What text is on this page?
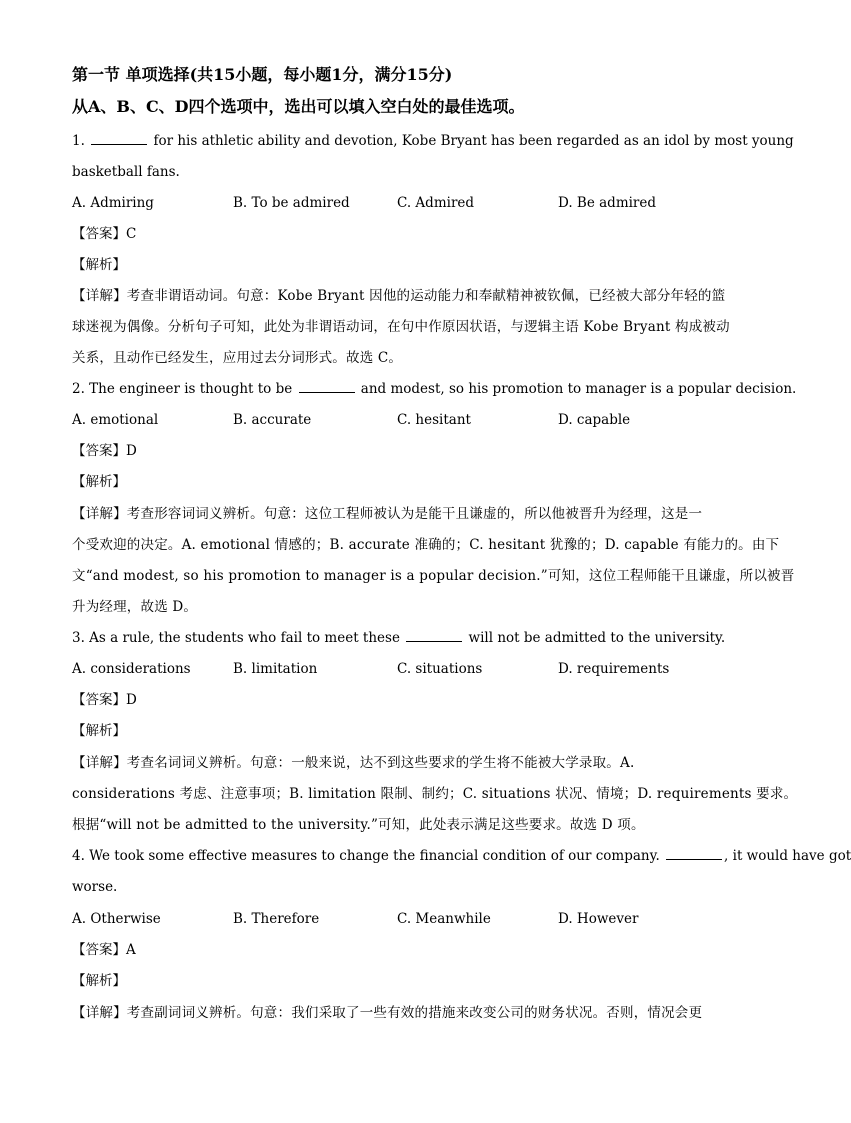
第一节 单项选择(共15小题，每小题1分，满分15分)
从A、B、C、D四个选项中，选出可以填入空白处的最佳选项。
1.	for his athletic ability and devotion, Kobe Bryant has been regarded as an idol by most young
basketball fans.
A. Admiring	B. To be admired	C. Admired	D. Be admired
【答案】C
【解析】
【详解】考查非谓语动词。句意：Kobe Bryant 因他的运动能力和奉献精神被钦佩，已经被大部分年轻的篮
球迷视为偶像。分析句子可知，此处为非谓语动词，在句中作原因状语，与逻辑主语 Kobe Bryant 构成被动
关系，且动作已经发生，应用过去分词形式。故选 C。
2. The engineer is thought to be	and modest, so his promotion to manager is a popular decision.
A. emotional	B. accurate	C. hesitant	D. capable
【答案】D
【解析】
【详解】考查形容词词义辨析。句意：这位工程师被认为是能干且谦虚的，所以他被晋升为经理，这是一
个受欢迎的决定。A. emotional 情感的；B. accurate 准确的；C. hesitant 犹豫的；D. capable 有能力的。由下
文“and modest, so his promotion to manager is a popular decision.”可知，这位工程师能干且谦虚，所以被晋
升为经理，故选 D。
3. As a rule, the students who fail to meet these	will not be admitted to the university.
A. considerations	B. limitation	C. situations	D. requirements
【答案】D
【解析】
【详解】考查名词词义辨析。句意：一般来说，达不到这些要求的学生将不能被大学录取。A.
considerations 考虑、注意事项；B. limitation 限制、制约；C. situations 状况、情境；D. requirements 要求。
根据“will not be admitted to the university.”可知，此处表示满足这些要求。故选 D 项。
4. We took some effective measures to change the financial condition of our company.	, it would have got
worse.
A. Otherwise	B. Therefore	C. Meanwhile	D. However
【答案】A
【解析】
【详解】考查副词词义辨析。句意：我们采取了一些有效的措施来改变公司的财务状况。否则，情况会更
